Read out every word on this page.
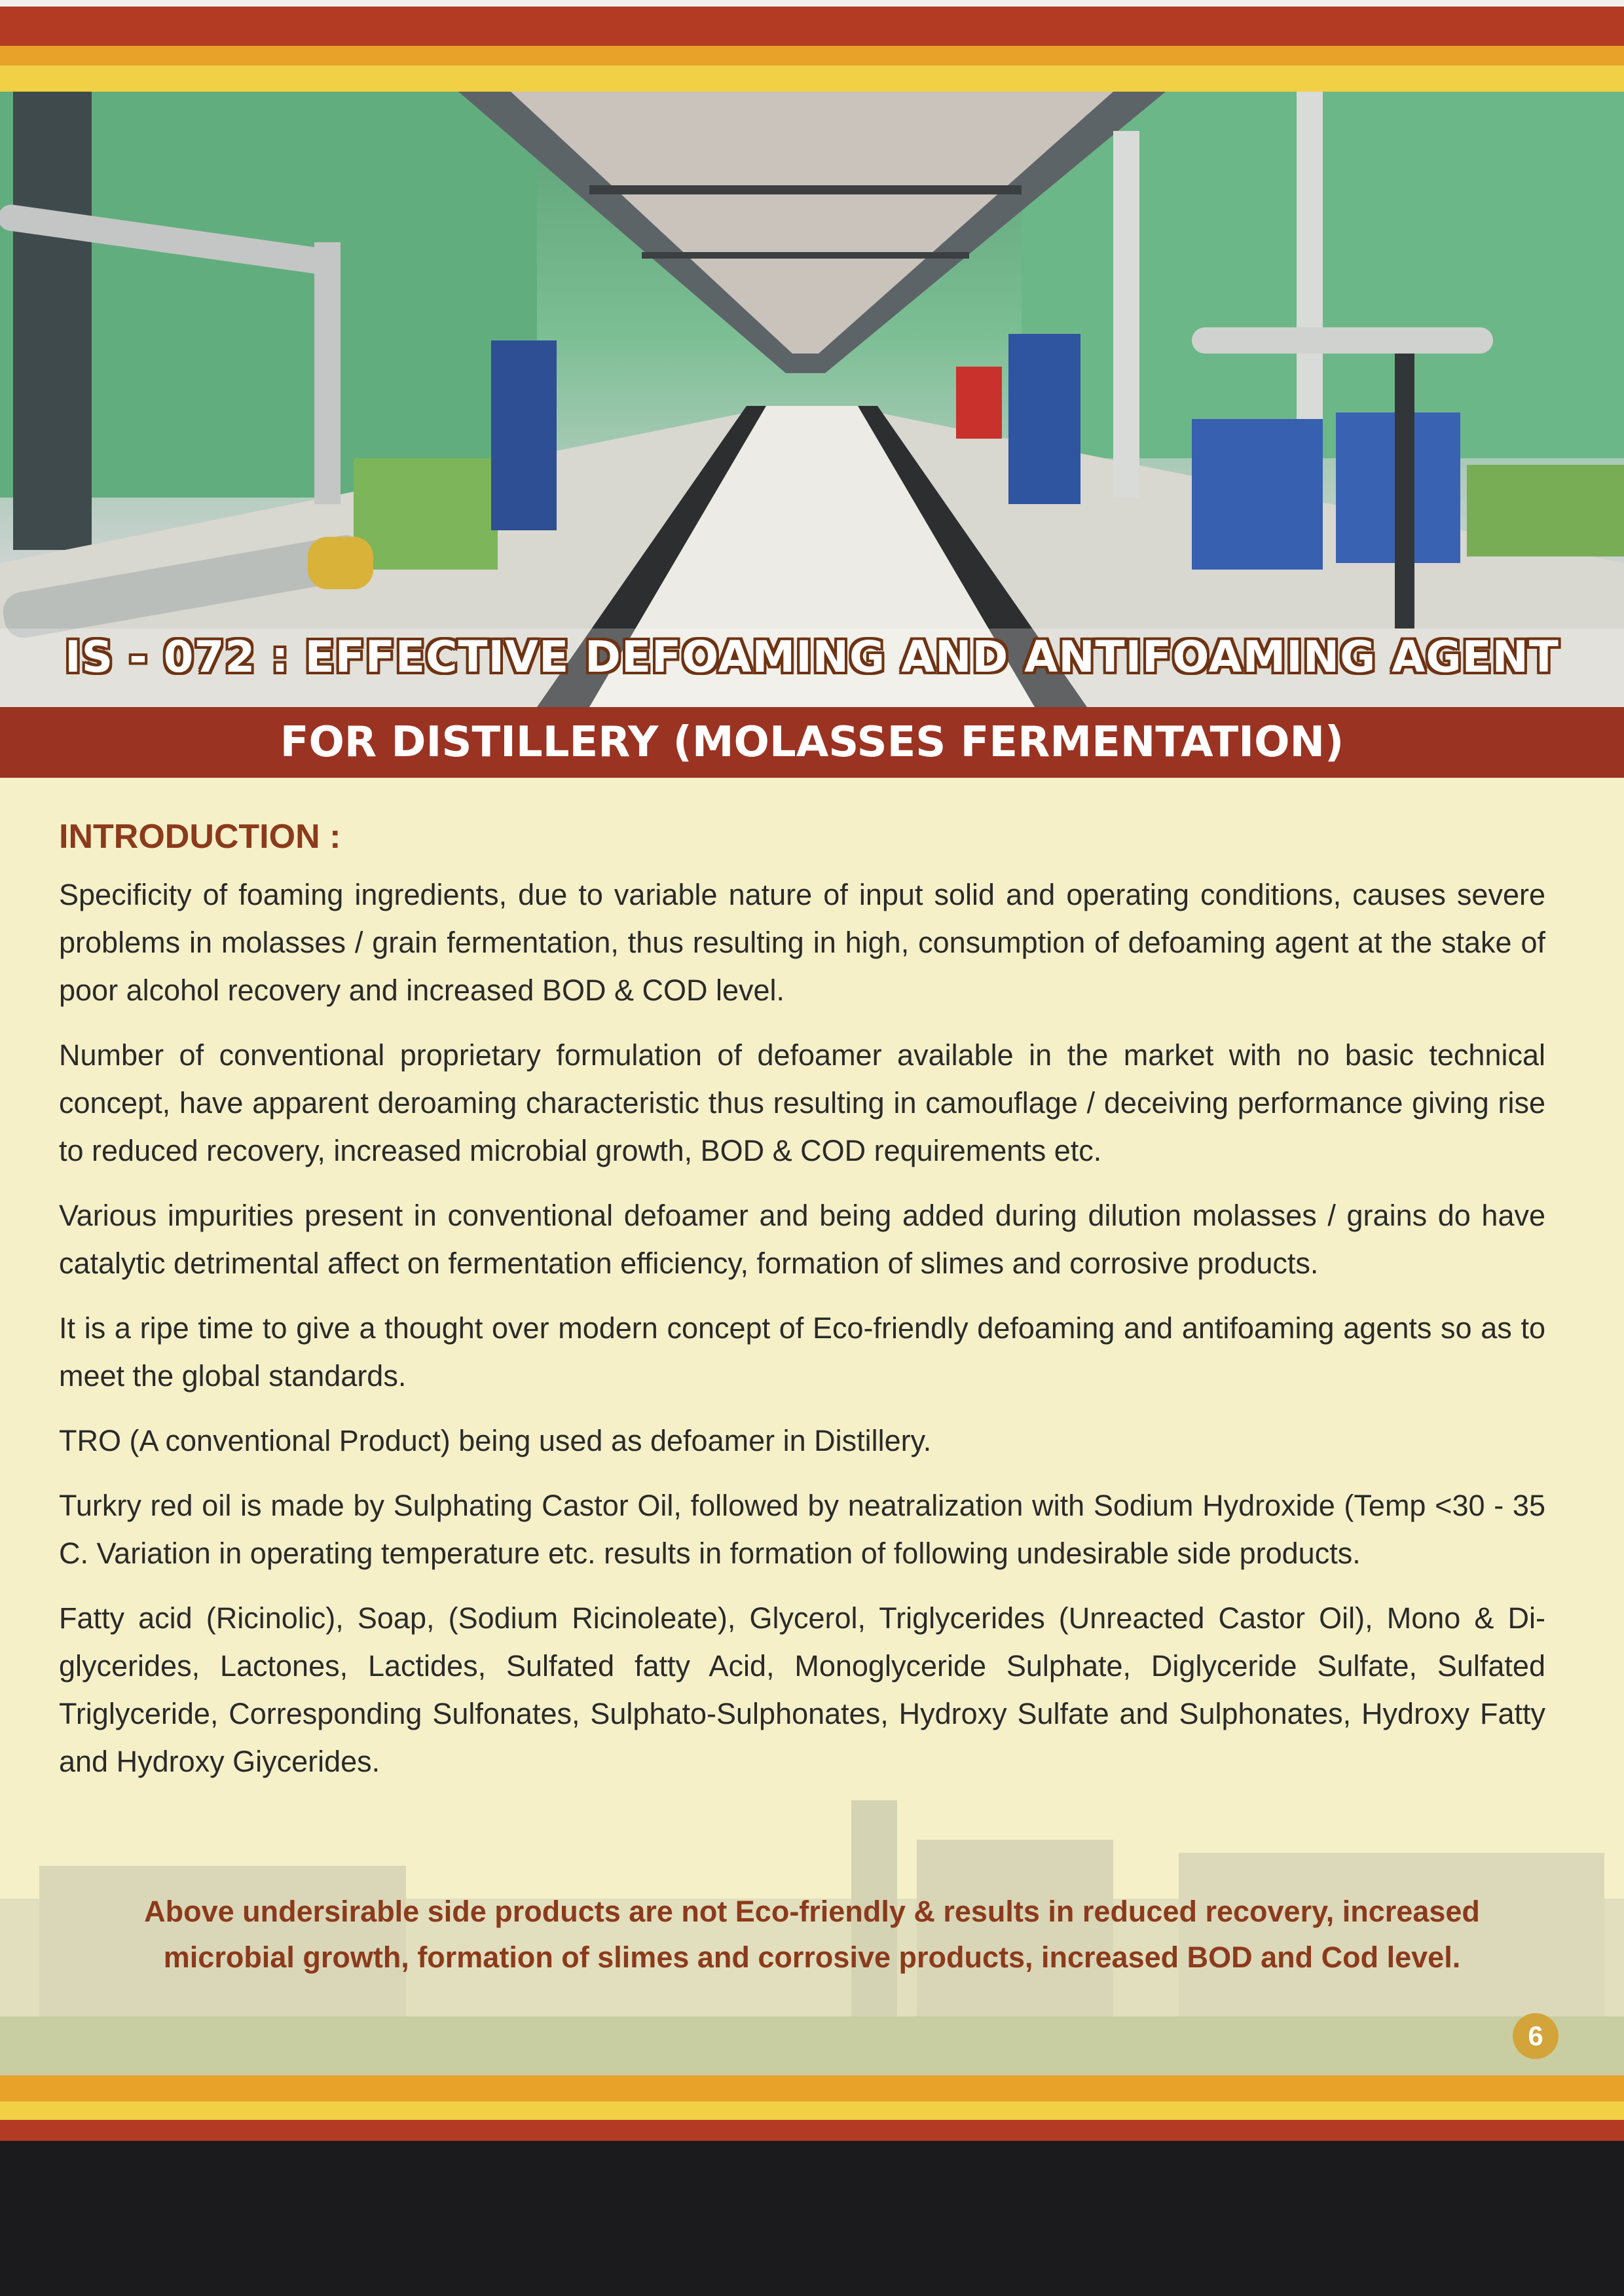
IS - 072 : EFFECTIVE DEFOAMING AND ANTIFOAMING AGENT
FOR DISTILLERY (MOLASSES FERMENTATION)
INTRODUCTION :

Specificity of foaming ingredients, due to variable nature of input solid and operating conditions, causes severe problems in molasses / grain fermentation, thus resulting in high, consumption of defoaming agent at the stake of poor alcohol recovery and increased BOD & COD level.

Number of conventional proprietary formulation of defoamer available in the market with no basic technical concept, have apparent deroaming characteristic thus resulting in camouflage / deceiving performance giving rise to reduced recovery, increased microbial growth, BOD & COD requirements etc.

Various impurities present in conventional defoamer and being added during dilution molasses / grains do have catalytic detrimental affect on fermentation efficiency, formation of slimes and corrosive products.

It is a ripe time to give a thought over modern concept of Eco-friendly defoaming and antifoaming agents so as to meet the global standards.

TRO (A conventional Product) being used as defoamer in Distillery.

Turkry red oil is made by Sulphating Castor Oil, followed by neatralization with Sodium Hydroxide (Temp <30 - 35 C. Variation in operating temperature etc. results in formation of following undesirable side products.

Fatty acid (Ricinolic), Soap, (Sodium Ricinoleate), Glycerol, Triglycerides (Unreacted Castor Oil), Mono & Di-glycerides, Lactones, Lactides, Sulfated fatty Acid, Monoglyceride Sulphate, Diglyceride Sulfate, Sulfated Triglyceride, Corresponding Sulfonates, Sulphato-Sulphonates, Hydroxy Sulfate and Sulphonates, Hydroxy Fatty and Hydroxy Giycerides.

Above undersirable side products are not Eco-friendly & results in reduced recovery, increased microbial growth, formation of slimes and corrosive products, increased BOD and Cod level.
6
